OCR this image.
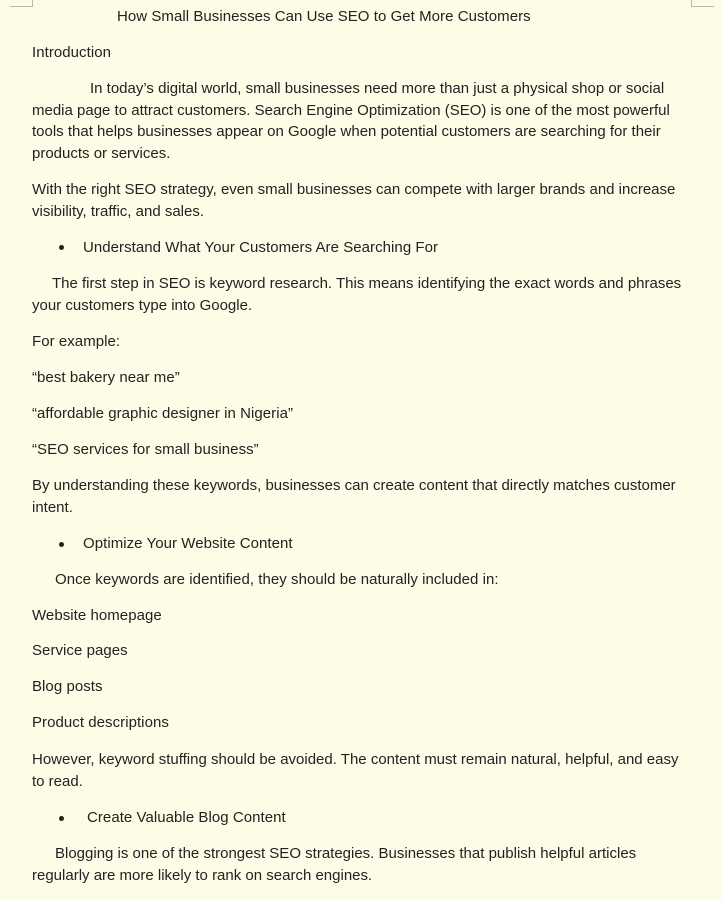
How Small Businesses Can Use SEO to Get More Customers
Introduction
In today’s digital world, small businesses need more than just a physical shop or social media page to attract customers. Search Engine Optimization (SEO) is one of the most powerful tools that helps businesses appear on Google when potential customers are searching for their products or services.
With the right SEO strategy, even small businesses can compete with larger brands and increase visibility, traffic, and sales.
Understand What Your Customers Are Searching For
The first step in SEO is keyword research. This means identifying the exact words and phrases your customers type into Google.
For example:
“best bakery near me”
“affordable graphic designer in Nigeria”
“SEO services for small business”
By understanding these keywords, businesses can create content that directly matches customer intent.
Optimize Your Website Content
Once keywords are identified, they should be naturally included in:
Website homepage
Service pages
Blog posts
Product descriptions
However, keyword stuffing should be avoided. The content must remain natural, helpful, and easy to read.
Create Valuable Blog Content
Blogging is one of the strongest SEO strategies. Businesses that publish helpful articles regularly are more likely to rank on search engines.
